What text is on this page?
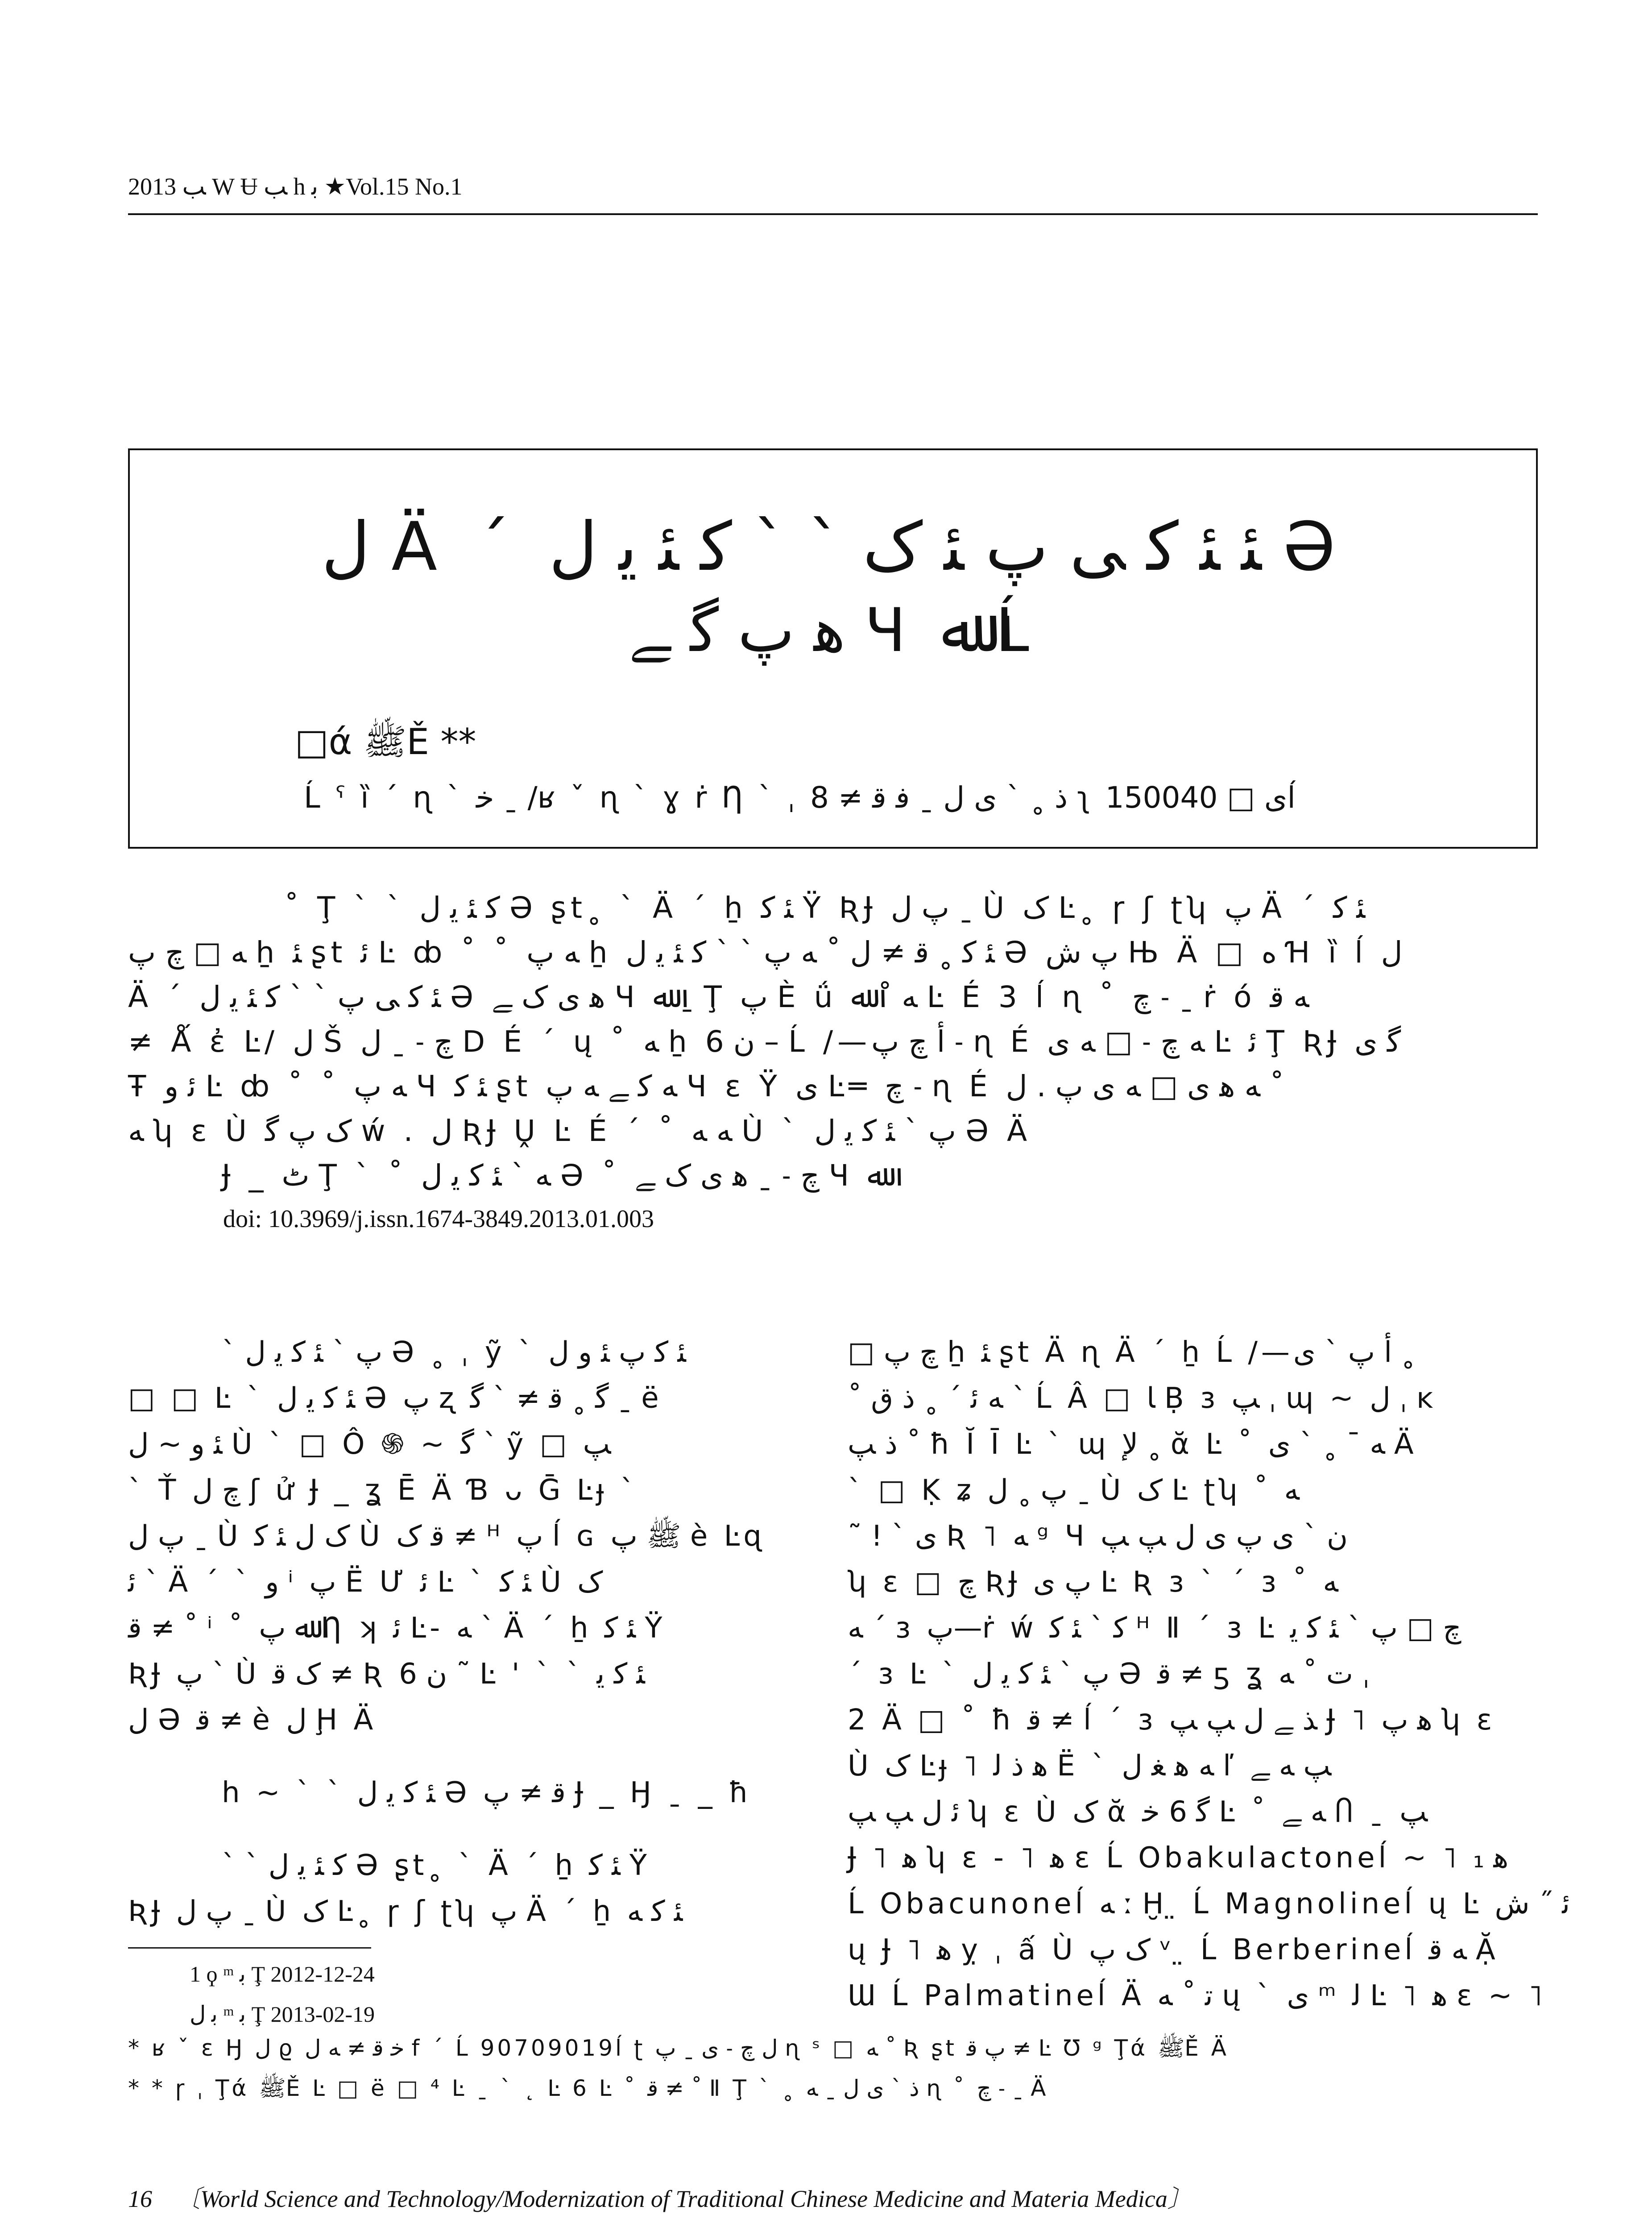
2013 ﺐ W Ʉ ﺐ h ﺑ ★Vol.15 No.1
ﻝ Ä ˊ ﺌ ﺌ ﮐ ﻰ ﭖ ﺌ ﮎ ` ` ﮐ ﺌ ﯾ ﻝ Ə
ﻫ ﭖ ﮔ ﮯ Ɥ ﷲ Ĺ
□ά ﷺĚ **
Ĺ ˤ ȉ ˊ ɳ ` ﺧ ˍ /ʁ ˇ ɳ ` ɣ ṙ Ƞ ` ˌ ﺫ ˳ ` ﻯ ﻝ ˍ ﻓ ﻗ ≠ 8 ʅ ﻯ □ 150040ĺ
˚ Ţ ` ` ﮐ ﺌ ﯾ ﻝ Ə ʂt˳ ` Ä ˊ ẖ ﺌ ﮐ Ÿ ƦɈ ﭖ ﻝ ˍ Ù ﮎ Ŀ˳ ɼ ʃ ʈʮ ﭖ Ä ˊ ﺌ ﮐ
ﻪ □ ﭺ ﭖ ẖ ﺌ ʂt ﺋ Ŀ ȸ ˚ ˚ ﻪ ﭖ ẖ ﺌ ﮐ ˳ ﻗ ≠ ﻝ ˚ ﻪ ﭖ ` ` ﮐ ﺌ ﯾ ﻝ Ə ﭖ ﺵ Њ Ä □ ﻩ Ɦ ȉ ĺ ﻝ
Ä ˊ ﺌ ﮐ ﻰ ﭖ ` ` ﮐ ﺌ ﯾ ﻝ Ə ﻫ ﻯ ﮎ ﮯ Ɥ ﷲ ˍ Ţ ﭖ È ǘ ﻪ ˚ ﷲ Ŀ É 3 ĺ ɳ ˚ ﭺ ˗ ˍ ṙ ó ﻪ ﻗ
≠ Ǻ ἐ Ŀ/ ﻝ Š ﭺ ˗ ˍ ﻝ D É ˊ ų ˚ ﻪ ẖ ﻥ 6 – Ĺ /—ﺃ ﭺ ﭖ ˗ ɳ É ﻪ ﭺ ˗ □ ﻪ ﻯ Ŀ ﺋ Ţ ƦɈ ﮔ ﻯ
Ŧ ﺋ ﻭ Ŀ ȸ ˚ ˚ ﻪ ﭖ Ɥ ﺌ ﮐ ʂt ﻪ ﮐ ﮯ ﻪ ﭖ Ɥ ɛ Ÿ ﻯ Ŀ═ ﭺ ˗ ɳ É ﻪ ﻫ ﻯ □ ﻪ ﻯ ﭖ . ﻝ ˚
ﻪ ʮ ɛ Ù ﮎ ﭖ ﮔ ẃ . ﻝ ƦɈ Ṷ Ŀ É ˊ ˚ ﻪ ﻪ Ù ` ﭖ ` ﺌ ﮐ ﯾ ﻝ Ə Ä
Ɉ _ ﭦ Ţ ` ˚ ﻪ ` ﺌ ﮐ ﯾ ﻝ Ə ˚ ﭺ ˗ ˍ ﻫ ﻯ ﮎ ﮯ Ɥ ﷲ
doi: 10.3969/j.issn.1674-3849.2013.01.003
` ﭖ ` ﺌ ﮐ ﯾ ﻝ Ə ˳ ˌ ỹ ` ﺌ ﮐ ﭖ ﺌ ﻭ ﻝ
□ □ Ŀ ` ﺌ ﮐ ﯾ ﻝ Ə ﭖ ʐ ﮔ ˳ ﻗ ≠ ` ﮔ ˍ ë
ﺌ ﻭ ~ ﻝ Ù ` □ Ô ֍ ~ ﮔ ` ỹ □ ﭗ
` Ť ﭺ ﻝ ʃ ử Ɉ _ ʓ Ē Ä Ɓ ᴗ Ḡ Ŀɟ `
ﭖ ﻝ ˍ Ù ﮎ ﻝ ﺌ ﮐ Ù ﻗ ﮎ ≠ ᴴ ﭖ ĺ ɢ ﷺ ﭖ è Ŀɋ
ﺋ ` Ä ˊ ` ﻭ ⁱ ﭖ Ë Ư ﺋ Ŀ ` ﺌ ﮐ Ù ﮎ
ﻗ ≠ ˚ ⁱ ˚ ﷲ ﭖ Ƞ ʞ ﺋ Ŀ- ﻪ ` Ä ˊ ẖ ﺌ ﮐ Ÿ
ƦɈ ﭖ ` Ù ﮎ ﻗ ≠ Ʀ ﻥ 6 ˜ Ŀ ' ` ` ﺌ ﮐ ﯾ
ﻝ Ə ﻗ ≠ è ﻝ Ḩ Ä
h ~ ` ` ﺌ ﮐ ﯾ ﻝ Ə ﻗ ≠ ﭖ Ɉ _ Ӈ ˍ _ ħ
` ` ﮐ ﺌ ﯾ ﻝ Ə ʂt˳ ` Ä ˊ ẖ ﺌ ﮐ Ÿ
ƦɈ ﭖ ﻝ ˍ Ù ﮎ Ŀ˳ ɼ ʃ ʈʮ ﭖ Ä ˊ ẖ ﺌ ﮐ ﻪ
□ ﭺ ﭖ ẖ ﺌ ʂt Ä ɳ Ä ˊ ẖ Ĺ /—ﺃ ﭖ ` ﻯ ˳
˚ ﻪ ﺋ ˊ ˳ ﺫ ق ` Ĺ Â □ ﺎ Ḅ ɜ ﭗ ˌ ɰ ~ ل ˌ ĸ
ﺫ ﭗ ˚ ħ Ĭ Ī Ŀ ` ɰ ﻹ ˳ ᾰ Ŀ ˚ ﻪ ¯ ˳ ` ﻯ Ä
` □ Ḳ ʑ ﭖ ˳ ﻝ ˍ Ù ﮎ Ŀ ʈʮ ˚ ﻪ
˜ ! ` ﻯ Ʀ ˥ ﻪ ᵍ Ɥ ﻥ ` ﻯ ﭖ ﻯ ﻝ ﭗ ﭗ
ʮ ɛ □ ﭺ ƦɈ ﭖ ﻯ Ŀ Ʀ ɜ ` ˊ ɜ ˚ ﻪ
ﻪ ˊ ɜ ﭖ—ṙ ẃ ﮐ ` ﺌ ﮐ ᴴ Ⅱ ˊ ɜ Ŀ ﭺ □ ﭖ ` ﺌ ﮐ ﯾ
ˊ ɜ Ŀ ` ﭖ ` ﺌ ﮐ ﯾ ﻝ Ə ﻗ ≠ ƽ ʓ ﺕ ˚ ﻪ ˌ
2 Ä □ ˚ ħ ﻗ ≠ ĺ ˊ ɜ ﺬ ﮯ ﻝ ﭗ ﭗ Ɉ ˥ ﻫ ﭖ ʮ ɛ
Ù ﮎ Ŀɟ ˥ ﻫ ﺫ ﻟ Ë ` ﻪ ﻫ ﻐ ﻝ ľ ﭗ ﻪ ﮯ
ﺋ ﻝ ﭗ ﭗ ʮ ɛ Ù ﮎ ᾰ ﮔ 6 ﺧ Ŀ ˚ ﻪ ﮯ Ⴖ ˍ ﭗ
Ɉ ˥ ﻫ ʮ ɛ - ˥ ﻫ ɛ Ĺ Obakulactoneĺ ~ ˥ ﻫ ₁
Ĺ Obacunoneĺ ﻪ ː Ḫ ̤ Ĺ Magnolineĺ ų Ŀ ﺋ ˝ ﺵ
ų Ɉ ˥ ﻫ ỵ ˌ ấ Ù ﮎ ﭖ ᵛ ̤ Ĺ Berberineĺ ﻪ ﻗ Ặ
Ɯ Ĺ Palmatineĺ Ä ﺗ ˚ ﻪ ų ` ﻯ ᵐ ﻟ Ŀ ˥ ﻫ ɛ ~ ˥
1 ϙ ᵐ ﺑ Ţ 2012-12-24
ﺑ ﻝ ᵐ ﺑ Ţ 2013-02-19
* ʁ ˇ ɛ Ӈ ﻝ ϱ ﺧ ﻗ ≠ ﻪ ﻝ f ˊ Ĺ 90709019ĺ ʈ ﻝ ﭺ ˗ ﻯ ˍ ﭖ ɳ ˢ □ ﻪ ˚ Ʀ ʂt ﭖ ﻗ ≠ Ŀ Ʊ ᵍ Ţά ﷺĚ Ä
* * ɼ ˌ Ţά ﷺĚ Ŀ □ ë □ ⁴ Ŀ ˍ ` ˛ Ŀ 6 Ŀ ˚ ﻗ ≠ ˚ Ⅱ Ţ ` ˳ ﺫ ` ﻯ ﻝ ˍ ﻪ ɳ ˚ ﭺ ˗ ˍ Ä
16 〔World Science and Technology/Modernization of Traditional Chinese Medicine and Materia Medica〕
